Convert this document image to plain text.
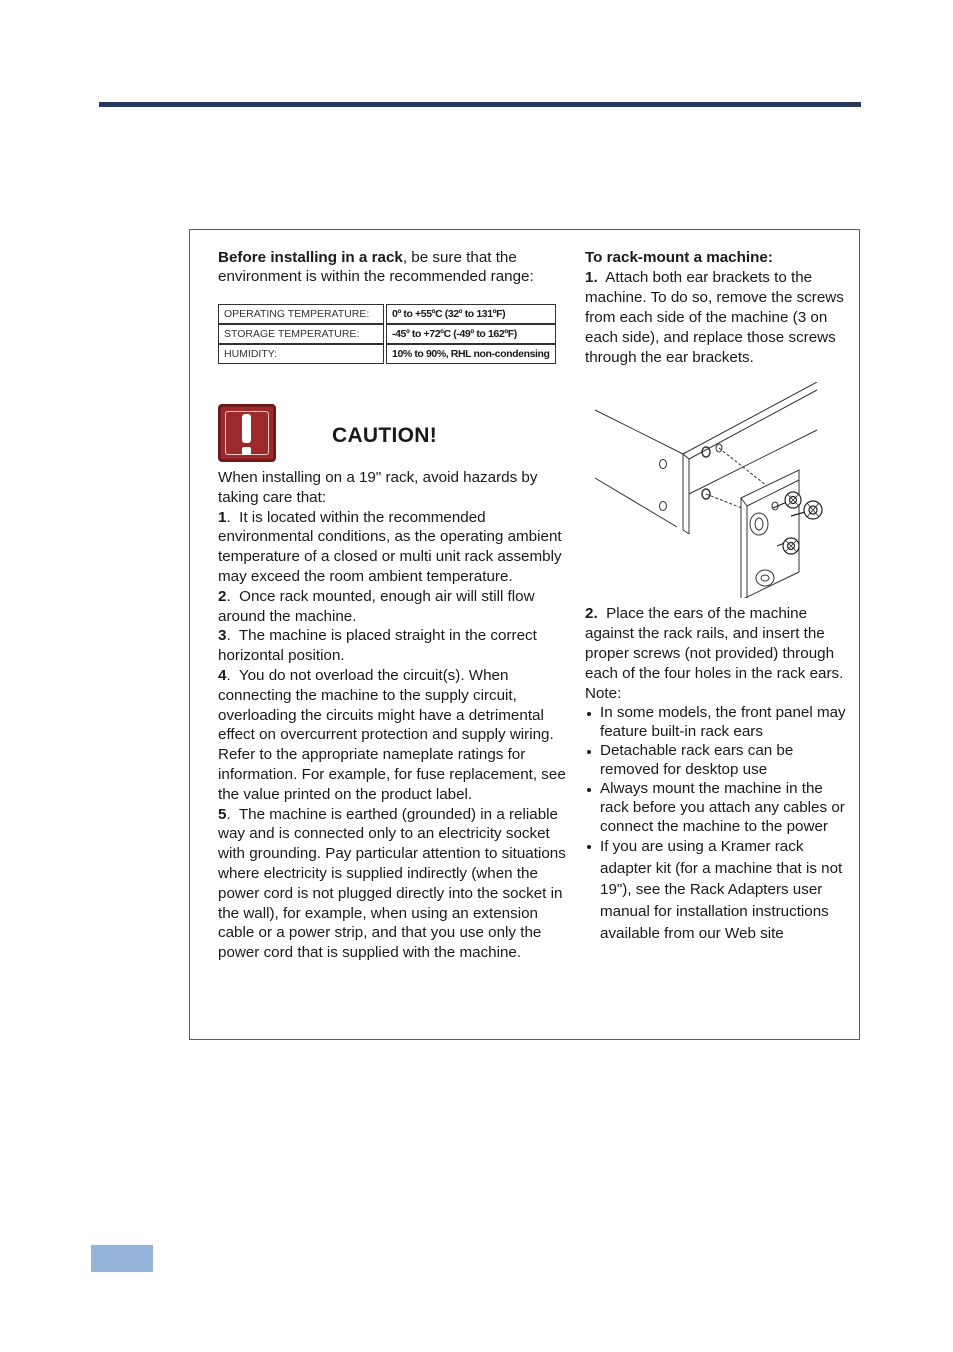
Before installing in a rack, be sure that the environment is within the recommended range:

OPERATING TEMPERATURE:	0º to +55ºC (32º to 131ºF)
STORAGE TEMPERATURE:	-45º to +72ºC (-49º to 162ºF)
HUMIDITY:	10% to 90%, RHL non-condensing
CAUTION!

When installing on a 19" rack, avoid hazards by taking care that:

1.  It is located within the recommended environmental conditions, as the operating ambient temperature of a closed or multi unit rack assembly may exceed the room ambient temperature.

2.  Once rack mounted, enough air will still flow around the machine.

3.  The machine is placed straight in the correct horizontal position.

4.  You do not overload the circuit(s). When connecting the machine to the supply circuit, overloading the circuits might have a detrimental effect on overcurrent protection and supply wiring. Refer to the appropriate nameplate ratings for information. For example, for fuse replacement, see the value printed on the product label.

5.  The machine is earthed (grounded) in a reliable way and is connected only to an electricity socket with grounding. Pay particular attention to situations where electricity is supplied indirectly (when the power cord is not plugged directly into the socket in the wall), for example, when using an extension cable or a power strip, and that you use only the power cord that is supplied with the machine.

To rack-mount a machine:

1. Attach both ear brackets to the machine. To do so, remove the screws from each side of the machine (3 on each side), and replace those screws through the ear brackets.

2. Place the ears of the machine against the rack rails, and insert the proper screws (not provided) through each of the four holes in the rack ears.

Note:

In some models, the front panel may feature built-in rack ears
Detachable rack ears can be removed for desktop use
Always mount the machine in the rack before you attach any cables or connect the machine to the power
If you are using a Kramer rack adapter kit (for a machine that is not 19"), see the Rack Adapters user manual for installation instructions available from our Web site
